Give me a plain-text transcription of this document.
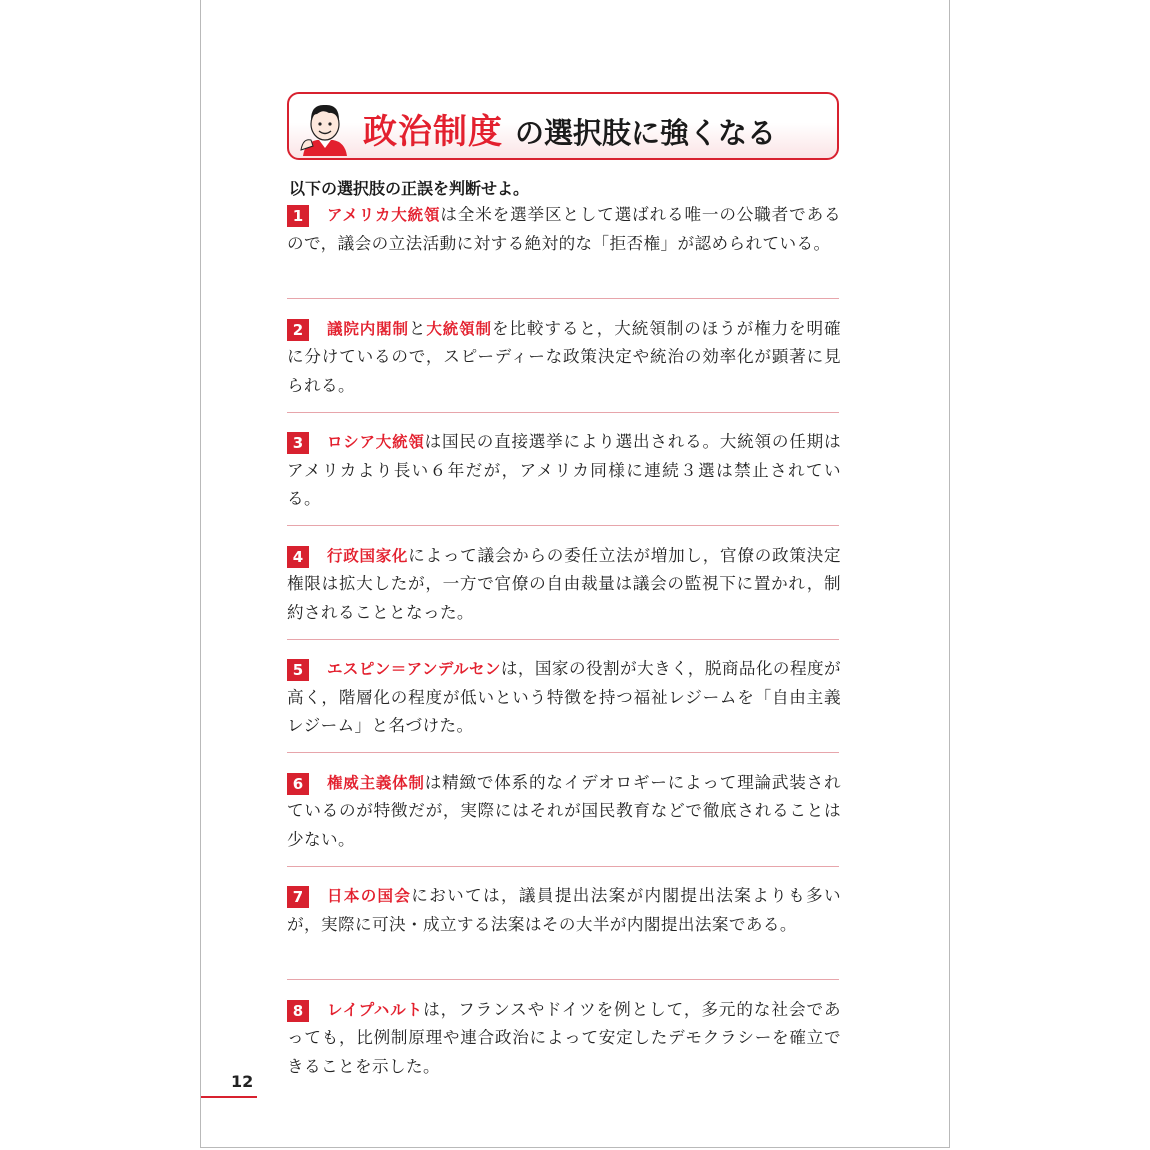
政治制度 の選択肢に強くなる
以下の選択肢の正誤を判断せよ。
アメリカ大統領は全米を選挙区として選ばれる唯一の公職者であるので，議会の立法活動に対する絶対的な「拒否権」が認められている。
1
議院内閣制と大統領制を比較すると，大統領制のほうが権力を明確に分けているので，スピーディーな政策決定や統治の効率化が顕著に見られる。
2
ロシア大統領は国民の直接選挙により選出される。大統領の任期はアメリカより長い６年だが，アメリカ同様に連続３選は禁止されている。
3
行政国家化によって議会からの委任立法が増加し，官僚の政策決定権限は拡大したが，一方で官僚の自由裁量は議会の監視下に置かれ，制約されることとなった。
4
エスピン＝アンデルセンは，国家の役割が大きく，脱商品化の程度が高く，階層化の程度が低いという特徴を持つ福祉レジームを「自由主義レジーム」と名づけた。
5
権威主義体制は精緻で体系的なイデオロギーによって理論武装されているのが特徴だが，実際にはそれが国民教育などで徹底されることは少ない。
6
日本の国会においては，議員提出法案が内閣提出法案よりも多いが，実際に可決・成立する法案はその大半が内閣提出法案である。
7
レイプハルトは，フランスやドイツを例として，多元的な社会であっても，比例制原理や連合政治によって安定したデモクラシーを確立できることを示した。
8
12
